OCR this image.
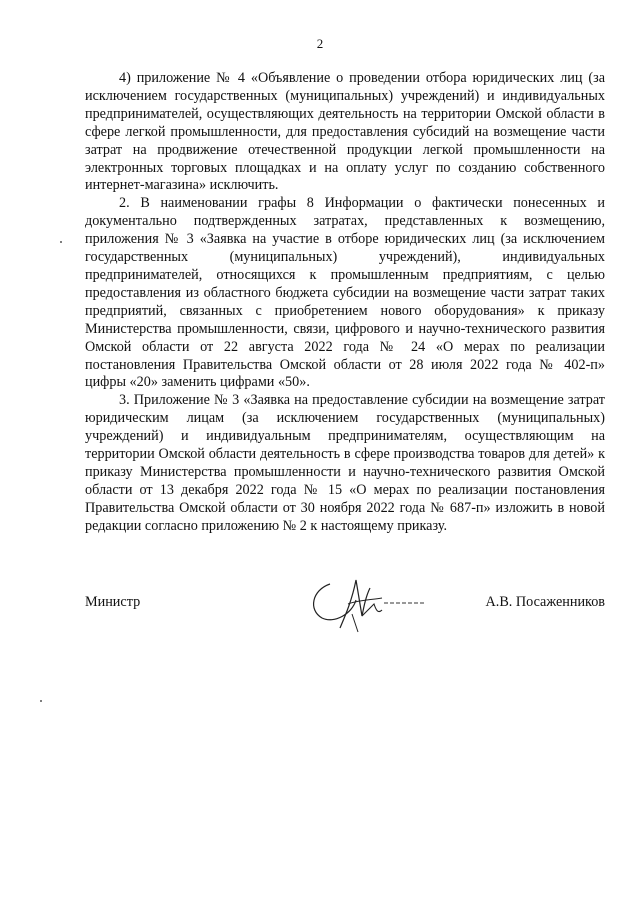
2

4) приложение № 4 «Объявление о проведении отбора юридических лиц (за исключением государственных (муниципальных) учреждений) и индивидуальных предпринимателей, осуществляющих деятельность на территории Омской области в сфере легкой промышленности, для предоставления субсидий на возмещение части затрат на продвижение отечественной продукции легкой промышленности на электронных торговых площадках и на оплату услуг по созданию собственного интернет-магазина» исключить.

2. В наименовании графы 8 Информации о фактически понесенных и документально подтвержденных затратах, представленных к возмещению, приложения № 3 «Заявка на участие в отборе юридических лиц (за исключением государственных (муниципальных) учреждений), индивидуальных предпринимателей, относящихся к промышленным предприятиям, с целью предоставления из областного бюджета субсидии на возмещение части затрат таких предприятий, связанных с приобретением нового оборудования» к приказу Министерства промышленности, связи, цифрового и научно-технического развития Омской области от 22 августа 2022 года № 24 «О мерах по реализации постановления Правительства Омской области от 28 июля 2022 года № 402-п» цифры «20» заменить цифрами «50».

3. Приложение № 3 «Заявка на предоставление субсидии на возмещение затрат юридическим лицам (за исключением государственных (муниципальных) учреждений) и индивидуальным предпринимателям, осуществляющим на территории Омской области деятельность в сфере производства товаров для детей» к приказу Министерства промышленности и научно-технического развития Омской области от 13 декабря 2022 года № 15 «О мерах по реализации постановления Правительства Омской области от 30 ноября 2022 года № 687-п» изложить в новой редакции согласно приложению № 2 к настоящему приказу.

Министр	А.В. Посаженников
